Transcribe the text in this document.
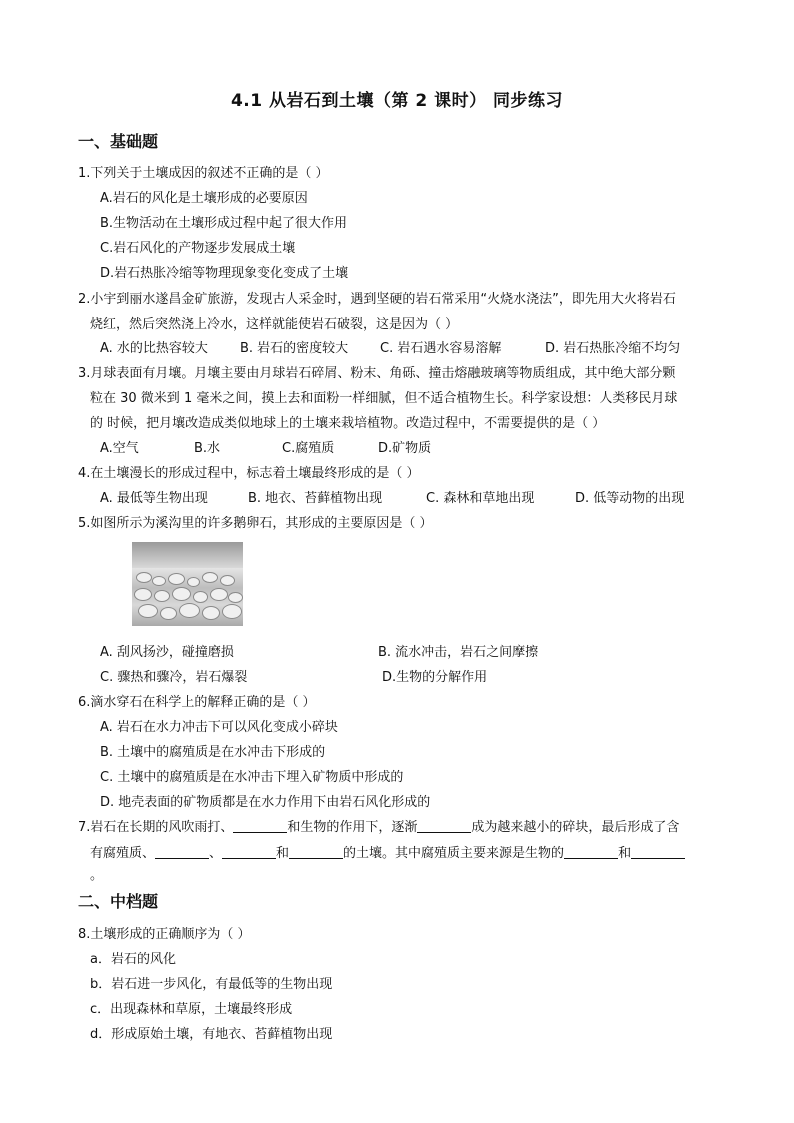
4.1 从岩石到土壤（第 2 课时） 同步练习
一、基础题
1.下列关于土壤成因的叙述不正确的是（ ）
A.岩石的风化是土壤形成的必要原因
B.生物活动在土壤形成过程中起了很大作用
C.岩石风化的产物逐步发展成土壤
D.岩石热胀冷缩等物理现象变化变成了土壤
2.小宇到丽水遂昌金矿旅游，发现古人采金时，遇到坚硬的岩石常采用“火烧水浇法”，即先用大火将岩石
烧红，然后突然浇上冷水，这样就能使岩石破裂，这是因为（ ）
A. 水的比热容较大 B. 岩石的密度较大 C. 岩石遇水容易溶解	D. 岩石热胀冷缩不均匀
3.月球表面有月壤。月壤主要由月球岩石碎屑、粉末、角砾、撞击熔融玻璃等物质组成，其中绝大部分颗
粒在 30 微米到 1 毫米之间，摸上去和面粉一样细腻，但不适合植物生长。科学家设想：人类移民月球
的 时候，把月壤改造成类似地球上的土壤来栽培植物。改造过程中，不需要提供的是（ ）
A.空气	B.水	C.腐殖质	D.矿物质
4.在土壤漫长的形成过程中，标志着土壤最终形成的是（ ）
A. 最低等生物出现	B. 地衣、苔藓植物出现	C. 森林和草地出现	D. 低等动物的出现
5.如图所示为溪沟里的许多鹅卵石，其形成的主要原因是（ ）
A. 刮风扬沙，碰撞磨损	B. 流水冲击，岩石之间摩擦
C. 骤热和骤冷，岩石爆裂	D.生物的分解作用
6.滴水穿石在科学上的解释正确的是（ ）
A. 岩石在水力冲击下可以风化变成小碎块
B. 土壤中的腐殖质是在水冲击下形成的
C. 土壤中的腐殖质是在水冲击下埋入矿物质中形成的
D. 地壳表面的矿物质都是在水力作用下由岩石风化形成的
7.岩石在长期的风吹雨打、	和生物的作用下，逐渐	成为越来越小的碎块，最后形成了含
有腐殖质、	、	和	的土壤。其中腐殖质主要来源是生物的	和
。
二、中档题
8.土壤形成的正确顺序为（ ）
a．岩石的风化
b．岩石进一步风化，有最低等的生物出现
c．出现森林和草原，土壤最终形成
d．形成原始土壤，有地衣、苔藓植物出现
